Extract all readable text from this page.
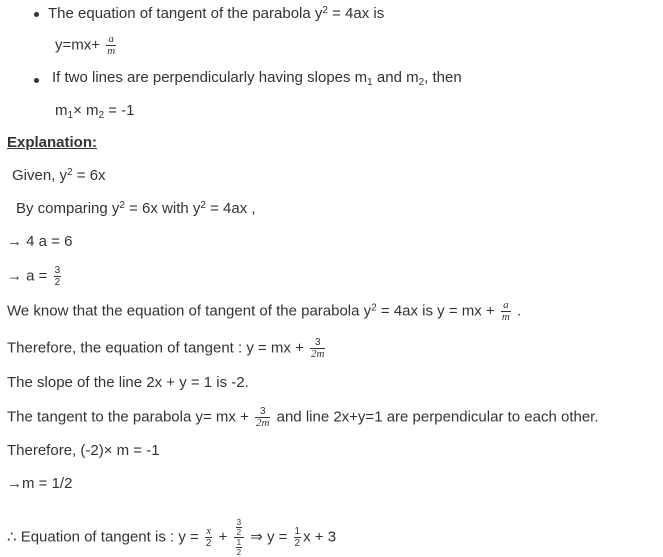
The equation of tangent of the parabola $y^2 = 4ax$ is
$y=mx+ \frac{a}{m}$
If two lines are perpendicularly having slopes $m_1$ and $m_2$, then
$m_1\times m_2 = -1$
Explanation:
Given, $y^2 = 6x$
By comparing $y^2 = 6x$ with $y^2 = 4ax$ ,
→ 4 a = 6
→ $a = \frac{3}{2}$
We know that the equation of tangent of the parabola $y^2 = 4ax$ is y = mx + $\frac{a}{m}$ .
Therefore, the equation of tangent : y = mx + $\frac{3}{2m}$
The slope of the line 2x + y = 1 is -2.
The tangent to the parabola y= mx + $\frac{3}{2m}$ and line 2x+y=1 are perpendicular to each other.
Therefore, (-2)× m = -1
→m = 1/2
∴ Equation of tangent is : $y = \frac{x}{2} + \frac{\frac{3}{2}}{\frac{1}{2}}$ ⇒ $y = \frac{1}{2}$ x + 3
